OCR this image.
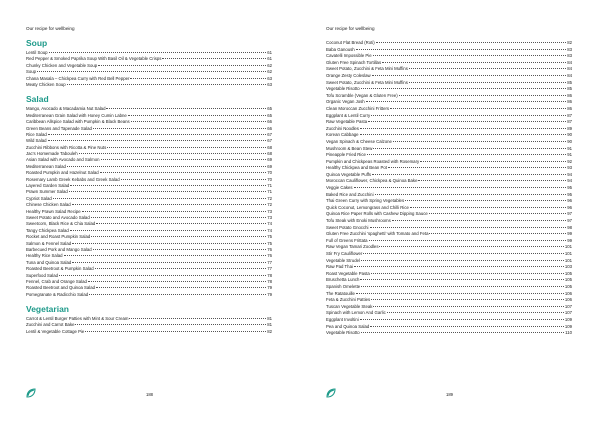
Our recipe for wellbeing
Soup
Lentil Soup	61
Red Pepper & Smoked Paprika Soup With Basil Oil & Vegetable Crisps	61
Chunky Chicken and Vegetable Soup	62
Soup	62
Chana Masala – Chickpea Curry with Red Bell Pepper	63
Meaty Chicken Soup	63
Salad
Mango, Avocado & Macadamia Nut Salad	65
Mediterranean Grain Salad with Honey Cumin Labne	65
Caribbean Allspice Salad with Pumpkin & Black Beans	66
Green Beans and Tapenade Salad	66
Rice Salad	67
Wild Salad	67
Zucchini Ribbons with Ricotta & Pine Nuts	68
Jac's Homemade Tabouleh	68
Asian Salad with Avocado and Salmon	69
Mediterranean Salad	69
Roasted Pumpkin and Hazelnut Salad	70
Rosemary Lamb Greek Kebabs and Greek Salad	70
Layered Garden Salad	71
Prawn Summer Salad	71
Cypriot Salad	72
Chinese Chicken Salad	72
Healthy Prawn Salad Recipe	73
Sweet Potato and Avocado Salad	73
Sweetcorn, Black Rice & Chia Salad	74
Tangy Chickpea Salad	74
Rocket and Roast Pumpkin Salad	75
Salmon & Fennel Salad	75
Barbecued Pork and Mango Salad	76
Healthy Rice Salad	76
Tuna and Quinoa Salad	77
Roasted Beetroot & Pumpkin Salad	77
Superfood Salad	78
Fennel, Crab and Orange Salad	78
Roasted Beetroot and Quinoa Salad	79
Pomegranate & Radicchio Salad	79
Vegetarian
Carrot & Lentil Burger Patties with Mint & Sour Cream	81
Zucchini and Carrot Bake	81
Lentil & Vegetable Cottage Pie	82
188
Our recipe for wellbeing
Coconut Flat Bread (Roti)	82
Baba Ganoush	83
Cavatelli Impossible Pie	83
Gluten Free Spinach Tortillas	84
Sweet Potato, Zucchini & Feta Mini Muffins	84
Orange Zesty Coleslaw	84
Sweet Potato, Zucchini & Feta Mini Muffins	85
Vegetable Risotto	85
Tofu Scramble (Vegan & Gluten Free)	86
Organic Vegan Josh	86
Clean Moroccan Zucchini Fritters	86
Eggplant & Lentil Curry	87
Raw Vegetable Pasta	87
Zucchini Noodles	89
Korean Cabbage	90
Vegan Spinach & Cheese Calzone	90
Mushroom & Bean Stew	91
Pineapple Fried Rice	91
Pumpkin and Chickpeas Roasted with Rosemary	92
Healthy Chickpea and Bean Pot	93
Quinoa Vegetable Puffs	94
Moroccan Cauliflower, Chickpea & Quinoa Bake	94
Veggie Cakes	95
Baked Rice and Zucchini	95
Thai Green Curry with Spring Vegetables	96
Quick Coconut, Lemongrass and Chilli Rice	96
Quinoa Rice Paper Rolls with Cashew Dipping Sauce	97
Tofu Steak with Enoki Mushrooms	97
Sweet Potato Gnocchi	98
Gluten Free Zucchini ‘spaghetti’ with Tomato and Feta	99
Full of Greens Frittata	99
Raw Vegan Tamari Zoodles	101
Stir Fry Cauliflower	101
Vegetable Strudel	101
Raw Pad Thai	103
Roast Vegetable Pasta	105
Bruschetta Lunch	105
Spanish Omelette	105
The Ratatouille	106
Feta & Zucchini Patties	106
Tuscan Vegetable Steak	107
Spinach with Lemon And Garlic	107
Eggplant Involtini	109
Pea and Quinoa Salad	109
Vegetable Risotto	110
189
